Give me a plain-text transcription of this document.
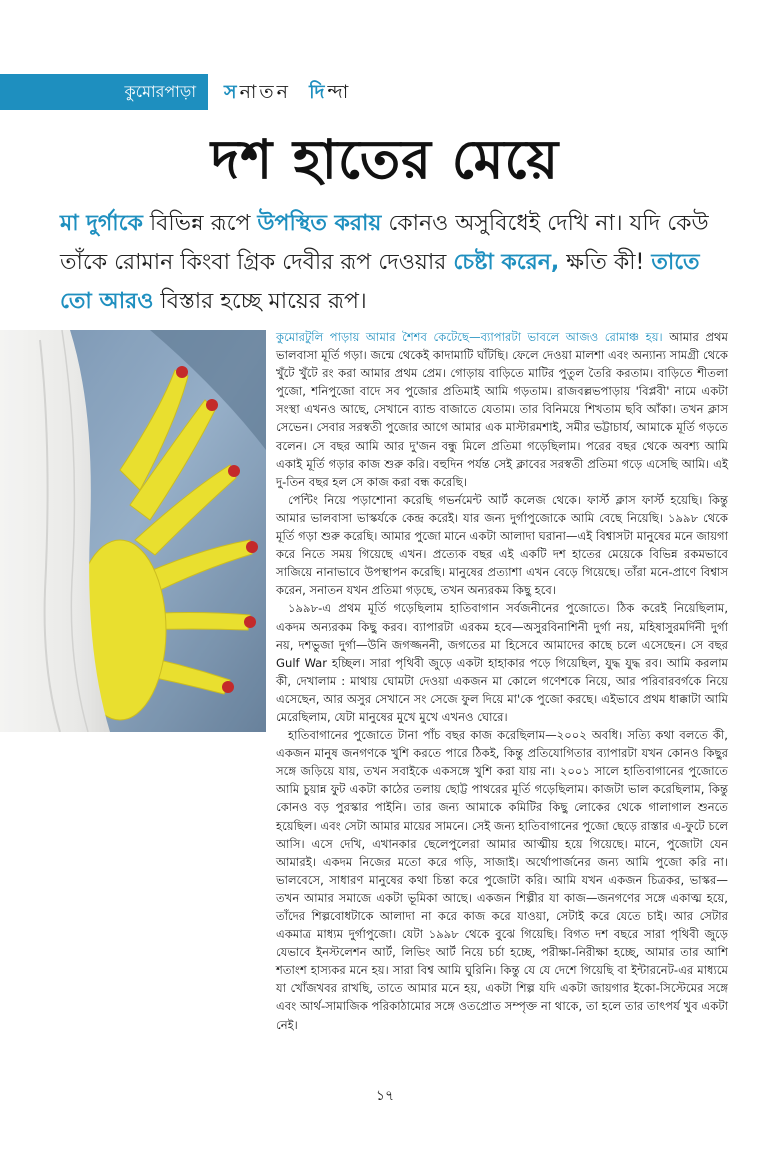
কুমোরপাড়া	সনাতন দিন্দা
দশ হাতের মেয়ে
মা দুর্গাকে বিভিন্ন রূপে উপস্থিত করায় কোনও অসুবিধেই দেখি না। যদি কেউ তাঁকে রোমান কিংবা গ্রিক দেবীর রূপ দেওয়ার চেষ্টা করেন, ক্ষতি কী! তাতে তো আরও বিস্তার হচ্ছে মায়ের রূপ।

কুমোরটুলি পাড়ায় আমার শৈশব কেটেছে—ব্যাপারটা ভাবলে আজও রোমাঞ্চ হয়। আমার প্রথম ভালবাসা মূর্তি গড়া। জন্মে থেকেই কাদামাটি ঘাঁটছি। ফেলে দেওয়া মালশা এবং অন্যান্য সামগ্রী থেকে খুঁটে খুঁটে রং করা আমার প্রথম প্রেম। গোড়ায় বাড়িতে মাটির পুতুল তৈরি করতাম। বাড়িতে শীতলা পুজো, শনিপুজো বাদে সব পুজোর প্রতিমাই আমি গড়তাম। রাজবল্লভপাড়ায় 'বিপ্লবী' নামে একটা সংস্থা এখনও আছে, সেখানে ব্যান্ড বাজাতে যেতাম। তার বিনিময়ে শিখতাম ছবি আঁকা। তখন ক্লাস সেভেন। সেবার সরস্বতী পুজোর আগে আমার এক মাস্টারমশাই, সমীর ভট্টাচার্য, আমাকে মূর্তি গড়তে বলেন। সে বছর আমি আর দু'জন বন্ধু মিলে প্রতিমা গড়েছিলাম। পরের বছর থেকে অবশ্য আমি একাই মূর্তি গড়ার কাজ শুরু করি। বহুদিন পর্যন্ত সেই ক্লাবের সরস্বতী প্রতিমা গড়ে এসেছি আমি। এই দু-তিন বছর হল সে কাজ করা বন্ধ করেছি।

পেন্টিং নিয়ে পড়াশোনা করেছি গভর্নমেন্ট আর্ট কলেজ থেকে। ফার্স্ট ক্লাস ফার্স্ট হয়েছি। কিন্তু আমার ভালবাসা ভাস্কর্যকে কেন্দ্র করেই। যার জন্য দুর্গাপুজোকে আমি বেছে নিয়েছি। ১৯৯৮ থেকে মূর্তি গড়া শুরু করেছি। আমার পুজো মানে একটা আলাদা ঘরানা—এই বিশ্বাসটা মানুষের মনে জায়গা করে নিতে সময় গিয়েছে এখন। প্রত্যেক বছর এই একটি দশ হাতের মেয়েকে বিভিন্ন রকমভাবে সাজিয়ে নানাভাবে উপস্থাপন করেছি। মানুষের প্রত্যাশা এখন বেড়ে গিয়েছে। তাঁরা মনে-প্রাণে বিশ্বাস করেন, সনাতন যখন প্রতিমা গড়ছে, তখন অন্যরকম কিছু হবে।

১৯৯৮-এ প্রথম মূর্তি গড়েছিলাম হাতিবাগান সর্বজনীনের পুজোতে। ঠিক করেই নিয়েছিলাম, একদম অন্যরকম কিছু করব। ব্যাপারটা এরকম হবে—অসুরবিনাশিনী দুর্গা নয়, মহিষাসুরমর্দিনী দুর্গা নয়, দশভুজা দুর্গা—উনি জগজ্জননী, জগতের মা হিসেবে আমাদের কাছে চলে এসেছেন। সে বছর Gulf War হচ্ছিল। সারা পৃথিবী জুড়ে একটা হাহাকার পড়ে গিয়েছিল, যুদ্ধ যুদ্ধ রব। আমি করলাম কী, দেখালাম : মাথায় ঘোমটা দেওয়া একজন মা কোলে গণেশকে নিয়ে, আর পরিবারবর্গকে নিয়ে এসেছেন, আর অসুর সেখানে সং সেজে ফুল দিয়ে মা'কে পুজো করছে। এইভাবে প্রথম ধাক্কাটা আমি মেরেছিলাম, যেটা মানুষের মুখে মুখে এখনও ঘোরে।

হাতিবাগানের পুজোতে টানা পাঁচ বছর কাজ করেছিলাম—২০০২ অবধি। সত্যি কথা বলতে কী, একজন মানুষ জনগণকে খুশি করতে পারে ঠিকই, কিন্তু প্রতিযোগিতার ব্যাপারটা যখন কোনও কিছুর সঙ্গে জড়িয়ে যায়, তখন সবাইকে একসঙ্গে খুশি করা যায় না। ২০০১ সালে হাতিবাগানের পুজোতে আমি চুয়ান্ন ফুট একটা কাঠের তলায় ছোট্ট পাথরের মূর্তি গড়েছিলাম। কাজটা ভাল করেছিলাম, কিন্তু কোনও বড় পুরস্কার পাইনি। তার জন্য আমাকে কমিটির কিছু লোকের থেকে গালাগাল শুনতে হয়েছিল। এবং সেটা আমার মায়ের সামনে। সেই জন্য হাতিবাগানের পুজো ছেড়ে রাস্তার এ-ফুটে চলে আসি। এসে দেখি, এখানকার ছেলেপুলেরা আমার আত্মীয় হয়ে গিয়েছে। মানে, পুজোটা যেন আমারই। একদম নিজের মতো করে গড়ি, সাজাই। অর্থোপার্জনের জন্য আমি পুজো করি না। ভালবেসে, সাধারণ মানুষের কথা চিন্তা করে পুজোটা করি। আমি যখন একজন চিত্রকর, ভাস্কর—তখন আমার সমাজে একটা ভূমিকা আছে। একজন শিল্পীর যা কাজ—জনগণের সঙ্গে একাত্ম হয়ে, তাঁদের শিল্পবোধটাকে আলাদা না করে কাজ করে যাওয়া, সেটাই করে যেতে চাই। আর সেটার একমাত্র মাধ্যম দুর্গাপুজো। যেটা ১৯৯৮ থেকে বুঝে গিয়েছি। বিগত দশ বছরে সারা পৃথিবী জুড়ে যেভাবে ইনস্টলেশন আর্ট, লিভিং আর্ট নিয়ে চর্চা হচ্ছে, পরীক্ষা-নিরীক্ষা হচ্ছে, আমার তার আশি শতাংশ হাস্যকর মনে হয়। সারা বিশ্ব আমি ঘুরিনি। কিন্তু যে যে দেশে গিয়েছি বা ইন্টারনেট-এর মাধ্যমে যা খোঁজখবর রাখছি, তাতে আমার মনে হয়, একটা শিল্প যদি একটা জায়গার ইকো-সিস্টেমের সঙ্গে এবং আর্থ-সামাজিক পরিকাঠামোর সঙ্গে ওতপ্রোত সম্পৃক্ত না থাকে, তা হলে তার তাৎপর্য খুব একটা নেই।

১৭
